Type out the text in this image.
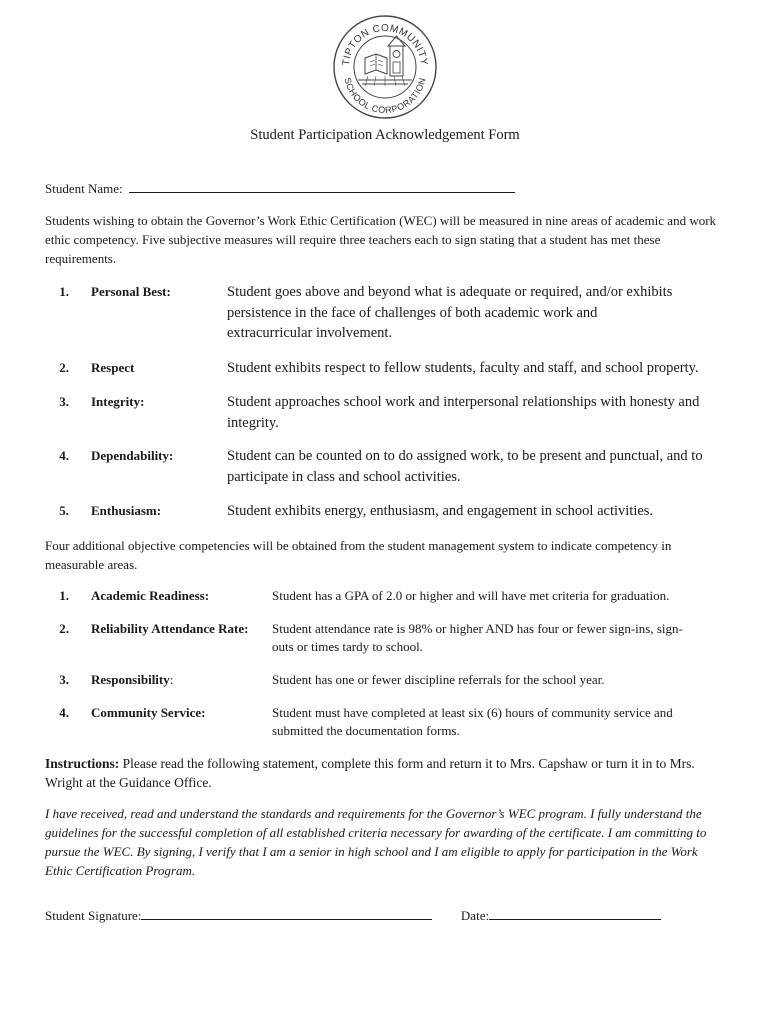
TIPTON COMMUNITY
SCHOOL CORPORATION
Student Participation Acknowledgement Form
Student Name:
Students wishing to obtain the Governor’s Work Ethic Certification (WEC) will be measured in nine areas of academic and work ethic competency. Five subjective measures will require three teachers each to sign stating that a student has met these requirements.
1. Personal Best:	Student goes above and beyond what is adequate or required, and/or exhibits persistence in the face of challenges of both academic work and extracurricular involvement.
2. Respect	Student exhibits respect to fellow students, faculty and staff, and school property.
3. Integrity:	Student approaches school work and interpersonal relationships with honesty and integrity.
4. Dependability:	Student can be counted on to do assigned work, to be present and punctual, and to participate in class and school activities.
5. Enthusiasm:	Student exhibits energy, enthusiasm, and engagement in school activities.
Four additional objective competencies will be obtained from the student management system to indicate competency in measurable areas.
1. Academic Readiness:	Student has a GPA of 2.0 or higher and will have met criteria for graduation.
2. Reliability Attendance Rate: Student attendance rate is 98% or higher AND has four or fewer sign-ins, sign-outs or times tardy to school.
3. Responsibility:	Student has one or fewer discipline referrals for the school year.
4. Community Service:	Student must have completed at least six (6) hours of community service and submitted the documentation forms.
Instructions: Please read the following statement, complete this form and return it to Mrs. Capshaw or turn it in to Mrs. Wright at the Guidance Office.
I have received, read and understand the standards and requirements for the Governor’s WEC program. I fully understand the guidelines for the successful completion of all established criteria necessary for awarding of the certificate. I am committing to pursue the WEC. By signing, I verify that I am a senior in high school and I am eligible to apply for participation in the Work Ethic Certification Program.
Student Signature:	Date:
